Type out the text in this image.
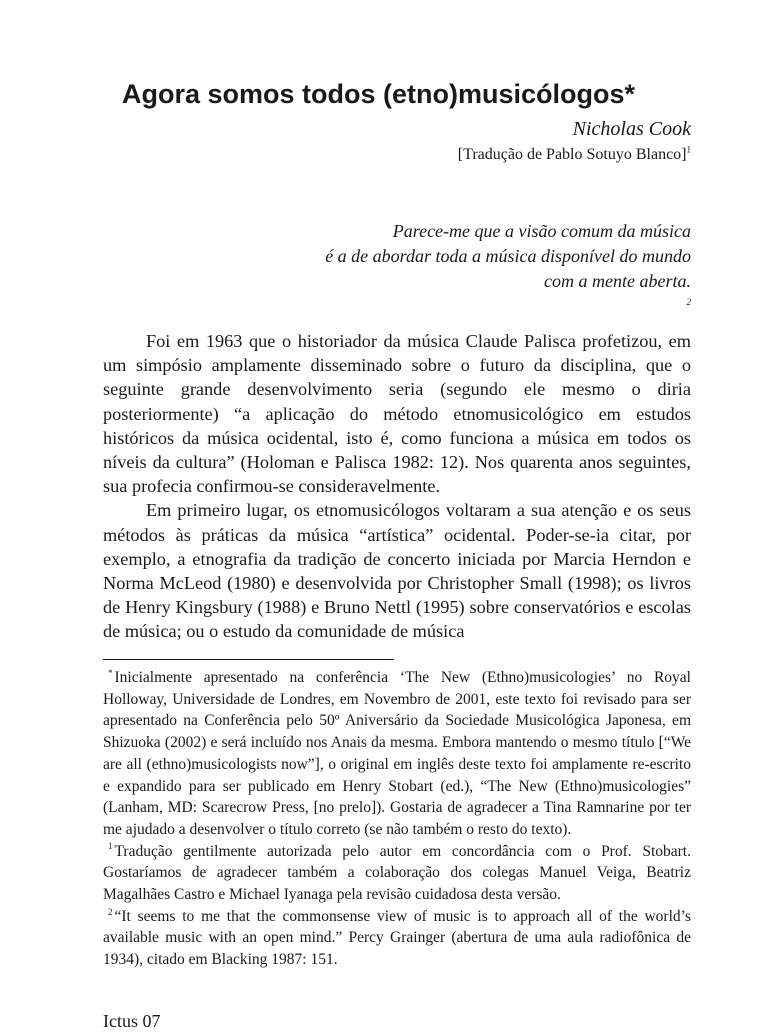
Agora somos todos (etno)musicólogos*
Nicholas Cook
[Tradução de Pablo Sotuyo Blanco]$^1$
Parece-me que a visão comum da música
é a de abordar toda a música disponível do mundo
com a mente aberta.
$^2$

Foi em 1963 que o historiador da música Claude Palisca profetizou, em um simpósio amplamente disseminado sobre o futuro da disciplina, que o seguinte grande desenvolvimento seria (segundo ele mesmo o diria posteriormente) “a aplicação do método etnomusicológico em estudos históricos da música ocidental, isto é, como funciona a música em todos os níveis da cultura” (Holoman e Palisca 1982: 12). Nos quarenta anos seguintes, sua profecia confirmou-se consideravelmente.

Em primeiro lugar, os etnomusicólogos voltaram a sua atenção e os seus métodos às práticas da música “artística” ocidental. Poder-se-ia citar, por exemplo, a etnografia da tradição de concerto iniciada por Marcia Herndon e Norma McLeod (1980) e desenvolvida por Christopher Small (1998); os livros de Henry Kingsbury (1988) e Bruno Nettl (1995) sobre conservatórios e escolas de música; ou o estudo da comunidade de música

* Inicialmente apresentado na conferência ‘The New (Ethno)musicologies’ no Royal Holloway, Universidade de Londres, em Novembro de 2001, este texto foi revisado para ser apresentado na Conferência pelo 50º Aniversário da Sociedade Musicológica Japonesa, em Shizuoka (2002) e será incluído nos Anais da mesma. Embora mantendo o mesmo título [“We are all (ethno)musicologists now”], o original em inglês deste texto foi amplamente re-escrito e expandido para ser publicado em Henry Stobart (ed.), “The New (Ethno)musicologies” (Lanham, MD: Scarecrow Press, [no prelo]). Gostaria de agradecer a Tina Ramnarine por ter me ajudado a desenvolver o título correto (se não também o resto do texto).

$^1$ Tradução gentilmente autorizada pelo autor em concordância com o Prof. Stobart. Gostaríamos de agradecer também a colaboração dos colegas Manuel Veiga, Beatriz Magalhães Castro e Michael Iyanaga pela revisão cuidadosa desta versão.

$^2$ “It seems to me that the commonsense view of music is to approach all of the world’s available music with an open mind.” Percy Grainger (abertura de uma aula radiofônica de 1934), citado em Blacking 1987: 151.

Ictus 07
